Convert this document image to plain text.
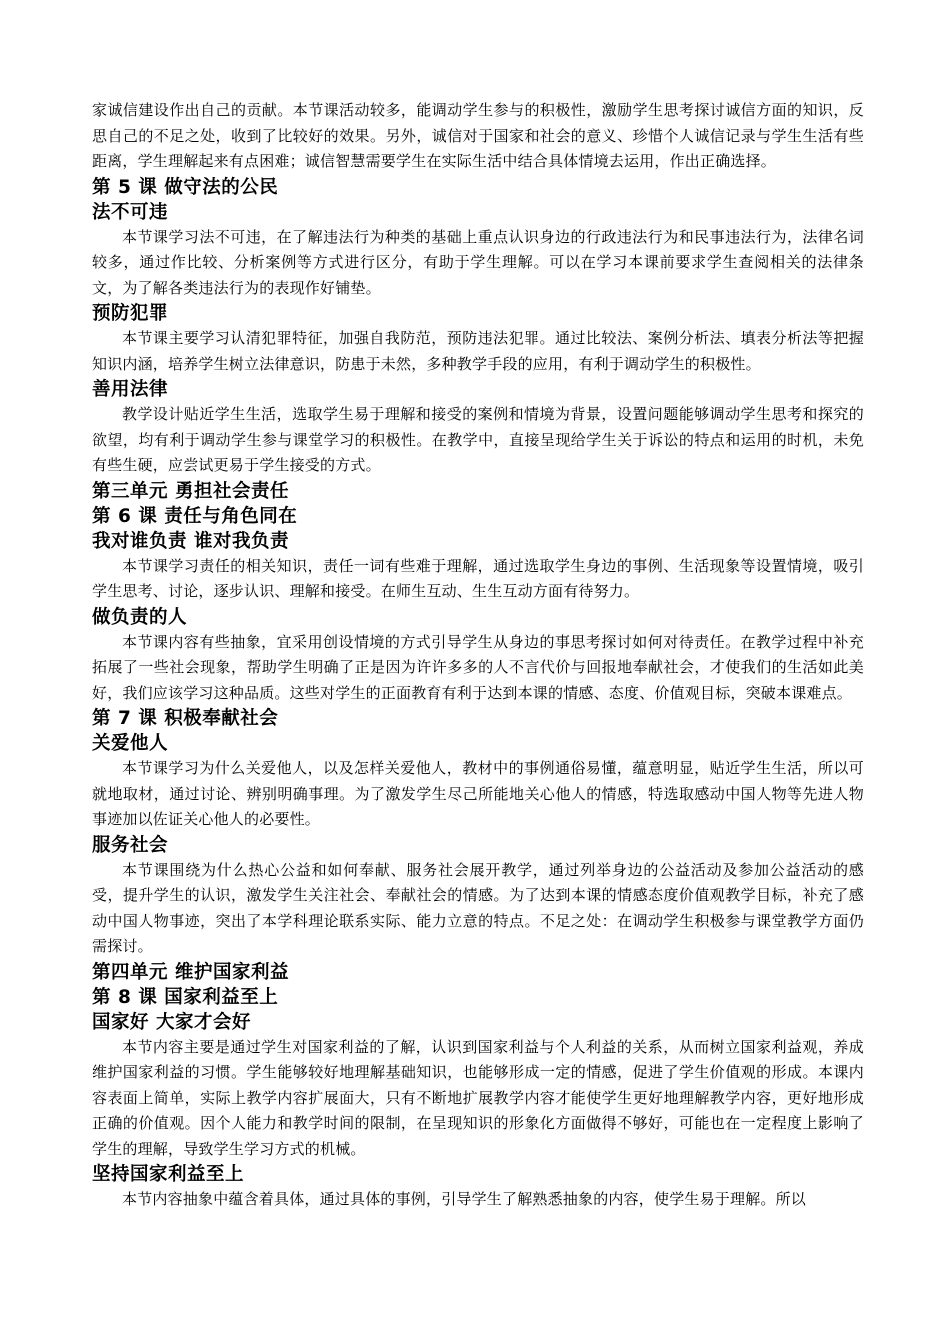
家诚信建设作出自己的贡献。本节课活动较多，能调动学生参与的积极性，激励学生思考探讨诚信方面的知识，反思自己的不足之处，收到了比较好的效果。另外，诚信对于国家和社会的意义、珍惜个人诚信记录与学生生活有些距离，学生理解起来有点困难；诚信智慧需要学生在实际生活中结合具体情境去运用，作出正确选择。

第 5 课 做守法的公民
法不可违

本节课学习法不可违，在了解违法行为种类的基础上重点认识身边的行政违法行为和民事违法行为，法律名词较多，通过作比较、分析案例等方式进行区分，有助于学生理解。可以在学习本课前要求学生查阅相关的法律条文，为了解各类违法行为的表现作好铺垫。

预防犯罪

本节课主要学习认清犯罪特征，加强自我防范，预防违法犯罪。通过比较法、案例分析法、填表分析法等把握知识内涵，培养学生树立法律意识，防患于未然，多种教学手段的应用，有利于调动学生的积极性。

善用法律

教学设计贴近学生生活，选取学生易于理解和接受的案例和情境为背景，设置问题能够调动学生思考和探究的欲望，均有利于调动学生参与课堂学习的积极性。在教学中，直接呈现给学生关于诉讼的特点和运用的时机，未免有些生硬，应尝试更易于学生接受的方式。

第三单元 勇担社会责任
第 6 课 责任与角色同在
我对谁负责 谁对我负责

本节课学习责任的相关知识，责任一词有些难于理解，通过选取学生身边的事例、生活现象等设置情境，吸引学生思考、讨论，逐步认识、理解和接受。在师生互动、生生互动方面有待努力。

做负责的人

本节课内容有些抽象，宜采用创设情境的方式引导学生从身边的事思考探讨如何对待责任。在教学过程中补充拓展了一些社会现象，帮助学生明确了正是因为许许多多的人不言代价与回报地奉献社会，才使我们的生活如此美好，我们应该学习这种品质。这些对学生的正面教育有利于达到本课的情感、态度、价值观目标，突破本课难点。

第 7 课 积极奉献社会
关爱他人

本节课学习为什么关爱他人，以及怎样关爱他人，教材中的事例通俗易懂，蕴意明显，贴近学生生活，所以可就地取材，通过讨论、辨别明确事理。为了激发学生尽己所能地关心他人的情感，特选取感动中国人物等先进人物事迹加以佐证关心他人的必要性。

服务社会

本节课围绕为什么热心公益和如何奉献、服务社会展开教学，通过列举身边的公益活动及参加公益活动的感受，提升学生的认识，激发学生关注社会、奉献社会的情感。为了达到本课的情感态度价值观教学目标，补充了感动中国人物事迹，突出了本学科理论联系实际、能力立意的特点。不足之处：在调动学生积极参与课堂教学方面仍需探讨。

第四单元 维护国家利益
第 8 课 国家利益至上
国家好 大家才会好

本节内容主要是通过学生对国家利益的了解，认识到国家利益与个人利益的关系，从而树立国家利益观，养成维护国家利益的习惯。学生能够较好地理解基础知识，也能够形成一定的情感，促进了学生价值观的形成。本课内容表面上简单，实际上教学内容扩展面大，只有不断地扩展教学内容才能使学生更好地理解教学内容，更好地形成正确的价值观。因个人能力和教学时间的限制，在呈现知识的形象化方面做得不够好，可能也在一定程度上影响了学生的理解，导致学生学习方式的机械。

坚持国家利益至上

本节内容抽象中蕴含着具体，通过具体的事例，引导学生了解熟悉抽象的内容，使学生易于理解。所以
